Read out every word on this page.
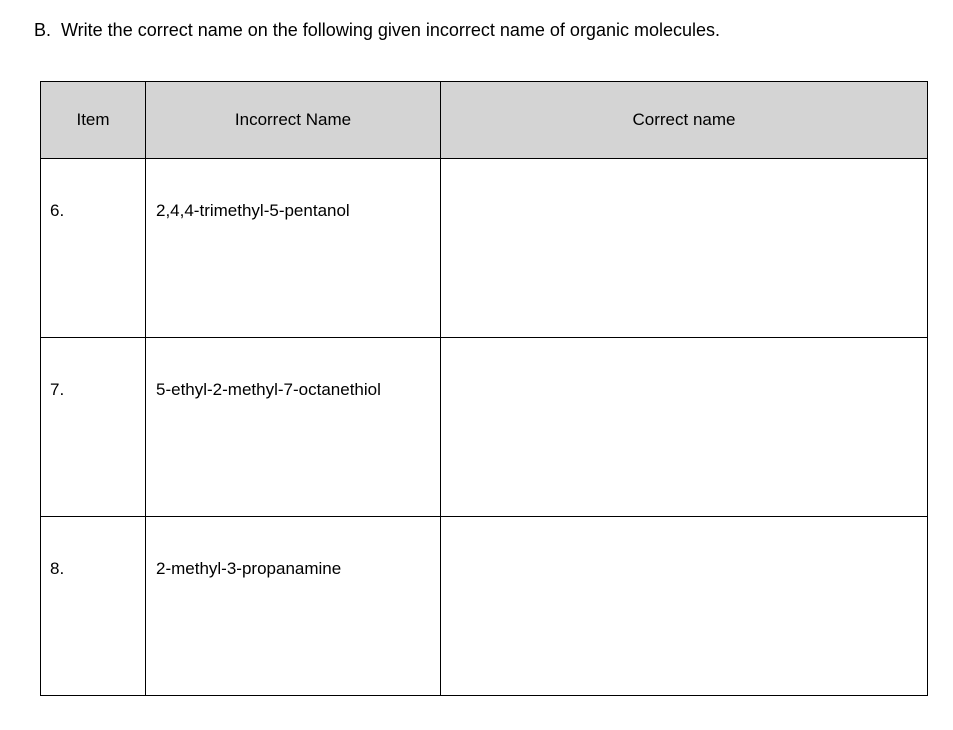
B. Write the correct name on the following given incorrect name of organic molecules.
Item	Incorrect Name	Correct name

6.	2,4,4-trimethyl-5-pentanol	

7.	5-ethyl-2-methyl-7-octanethiol	

8.	2-methyl-3-propanamine	
